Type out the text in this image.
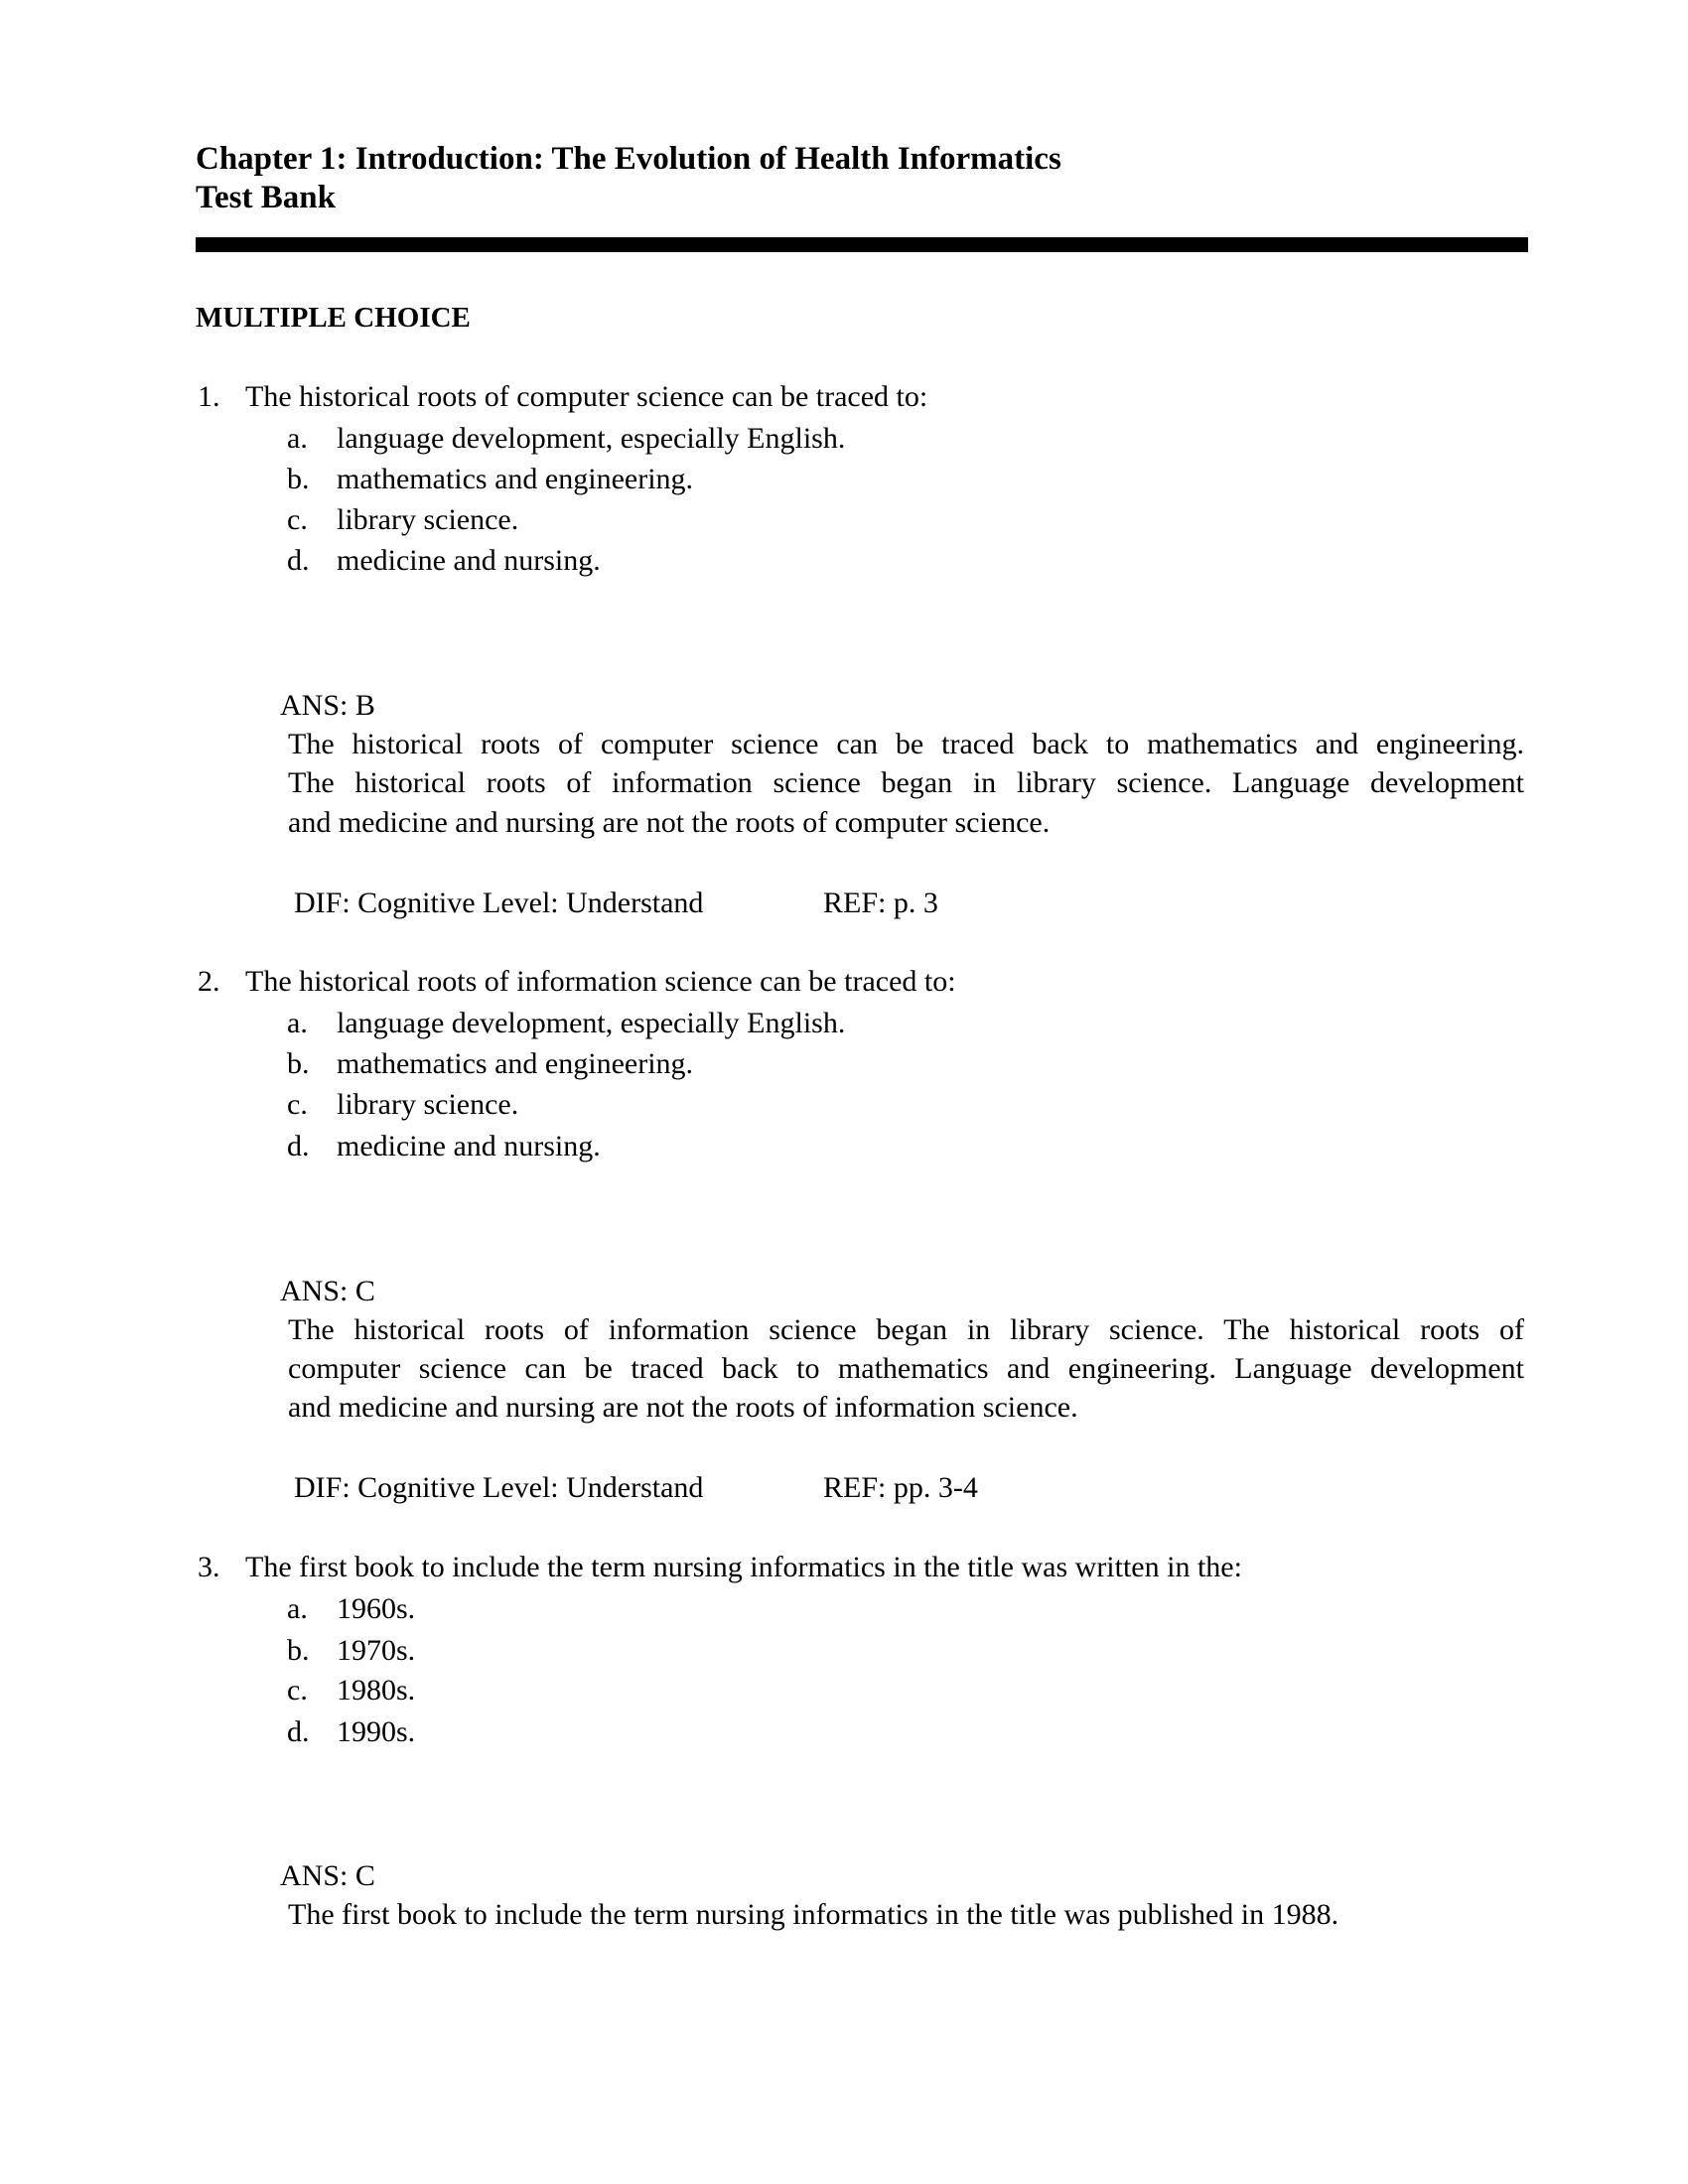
Chapter 1: Introduction: The Evolution of Health Informatics
Test Bank
MULTIPLE CHOICE
1. The historical roots of computer science can be traced to:
a. language development, especially English.
b. mathematics and engineering.
c. library science.
d. medicine and nursing.
ANS: B
The historical roots of computer science can be traced back to mathematics and engineering.
The historical roots of information science began in library science. Language development
and medicine and nursing are not the roots of computer science.
DIF: Cognitive Level: Understand	REF: p. 3
2. The historical roots of information science can be traced to:
a. language development, especially English.
b. mathematics and engineering.
c. library science.
d. medicine and nursing.
ANS: C
The historical roots of information science began in library science. The historical roots of
computer science can be traced back to mathematics and engineering. Language development
and medicine and nursing are not the roots of information science.
DIF: Cognitive Level: Understand	REF: pp. 3-4
3. The first book to include the term nursing informatics in the title was written in the:
a. 1960s.
b. 1970s.
c. 1980s.
d. 1990s.
ANS: C
The first book to include the term nursing informatics in the title was published in 1988.
